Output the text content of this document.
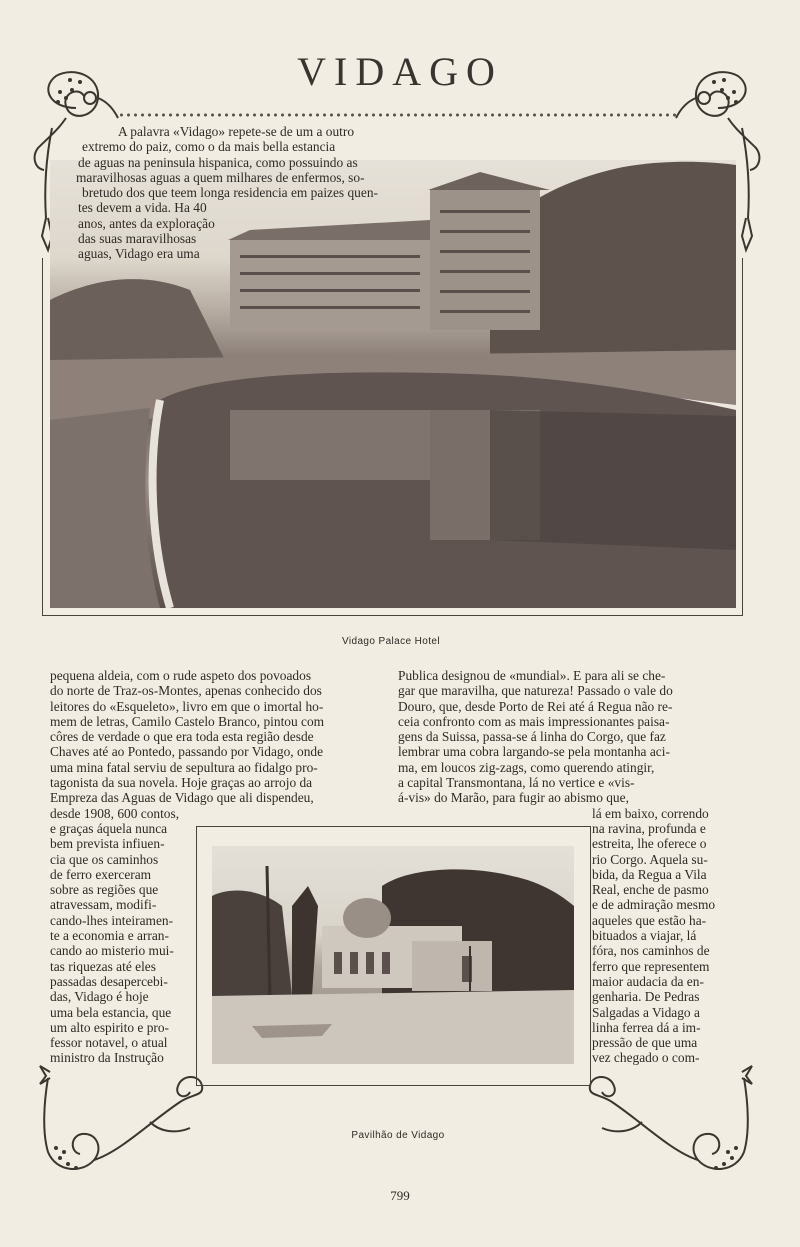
VIDAGO
A palavra «Vidago» repete-se de um a outro
extremo do paiz, como o da mais bella estancia
de aguas na peninsula hispanica, como possuindo as
maravilhosas aguas a quem milhares de enfermos, so-
bretudo dos que teem longa residencia em paizes quen-
tes devem a vida. Ha 40
anos, antes da exploração
das suas maravilhosas
aguas, Vidago era uma
Vidago Palace Hotel
pequena aldeia, com o rude aspeto dos povoados
do norte de Traz-os-Montes, apenas conhecido dos
leitores do «Esqueleto», livro em que o imortal ho-
mem de letras, Camilo Castelo Branco, pintou com
côres de verdade o que era toda esta região desde
Chaves até ao Pontedo, passando por Vidago, onde
uma mina fatal serviu de sepultura ao fidalgo pro-
tagonista da sua novela. Hoje graças ao arrojo da
Empreza das Aguas de Vidago que ali dispendeu,
desde 1908, 600 contos,
e graças áquela nunca
bem prevista infiuen-
cia que os caminhos
de ferro exerceram
sobre as regiões que
atravessam, modifi-
cando-lhes inteiramen-
te a economia e arran-
cando ao misterio mui-
tas riquezas até eles
passadas desapercebi-
das, Vidago é hoje
uma bela estancia, que
um alto espirito e pro-
fessor notavel, o atual
ministro da Instrução
Publica designou de «mundial». E para ali se che-
gar que maravilha, que natureza! Passado o vale do
Douro, que, desde Porto de Rei até á Regua não re-
ceia confronto com as mais impressionantes paisa-
gens da Suissa, passa-se á linha do Corgo, que faz
lembrar uma cobra largando-se pela montanha aci-
ma, em loucos zig-zags, como querendo atingir,
a capital Transmontana, lá no vertice e «vis-
á-vis» do Marão, para fugir ao abismo que,
lá em baixo, correndo
na ravina, profunda e
estreita, lhe oferece o
rio Corgo. Aquela su-
bida, da Regua a Vila
Real, enche de pasmo
e de admiração mesmo
aqueles que estão ha-
bituados a viajar, lá
fóra, nos caminhos de
ferro que representem
maior audacia da en-
genharia. De Pedras
Salgadas a Vidago a
linha ferrea dá a im-
pressão de que uma
vez chegado o com-
Pavilhão de Vidago
799
